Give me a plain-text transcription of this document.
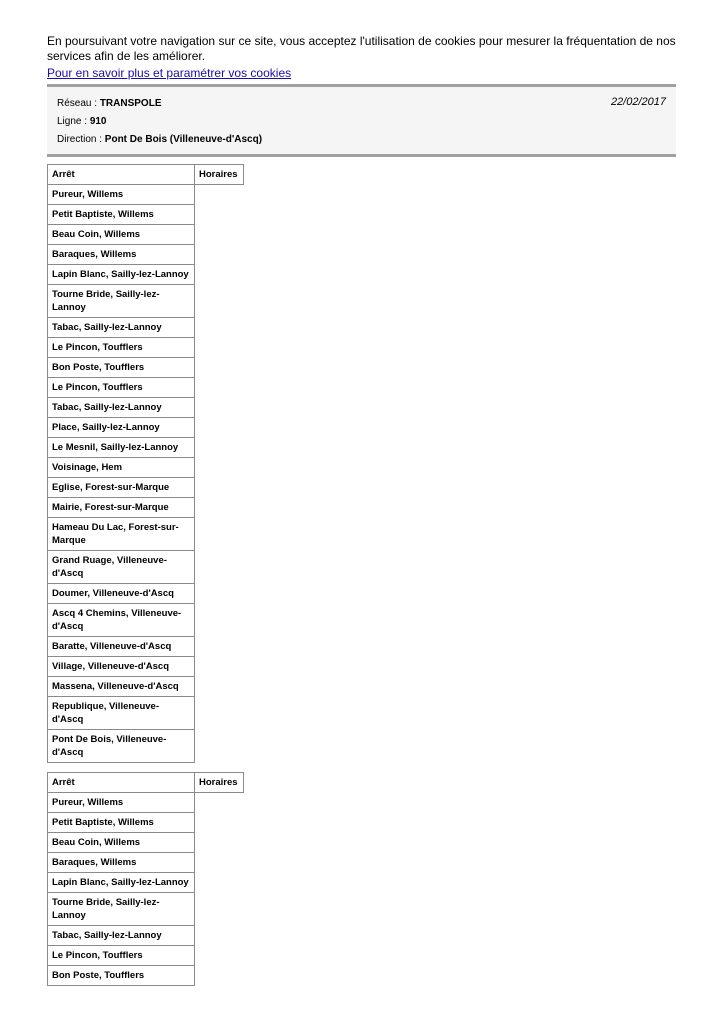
En poursuivant votre navigation sur ce site, vous acceptez l'utilisation de cookies pour mesurer la fréquentation de nos services afin de les améliorer.

Pour en savoir plus et paramétrer vos cookies
Réseau : TRANSPOLE
Ligne : 910
Direction : Pont De Bois (Villeneuve-d'Ascq)
22/02/2017
Arrêt	Horaires
Pureur, Willems	
Petit Baptiste, Willems	
Beau Coin, Willems	
Baraques, Willems	
Lapin Blanc, Sailly-lez-Lannoy	
Tourne Bride, Sailly-lez-Lannoy	
Tabac, Sailly-lez-Lannoy	
Le Pincon, Toufflers	
Bon Poste, Toufflers	
Le Pincon, Toufflers	
Tabac, Sailly-lez-Lannoy	
Place, Sailly-lez-Lannoy	
Le Mesnil, Sailly-lez-Lannoy	
Voisinage, Hem	
Eglise, Forest-sur-Marque	
Mairie, Forest-sur-Marque	
Hameau Du Lac, Forest-sur-Marque	
Grand Ruage, Villeneuve-d'Ascq	
Doumer, Villeneuve-d'Ascq	
Ascq 4 Chemins, Villeneuve-d'Ascq	
Baratte, Villeneuve-d'Ascq	
Village, Villeneuve-d'Ascq	
Massena, Villeneuve-d'Ascq	
Republique, Villeneuve-d'Ascq	
Pont De Bois, Villeneuve-d'Ascq	
Arrêt	Horaires
Pureur, Willems	
Petit Baptiste, Willems	
Beau Coin, Willems	
Baraques, Willems	
Lapin Blanc, Sailly-lez-Lannoy	
Tourne Bride, Sailly-lez-Lannoy	
Tabac, Sailly-lez-Lannoy	
Le Pincon, Toufflers	
Bon Poste, Toufflers	
